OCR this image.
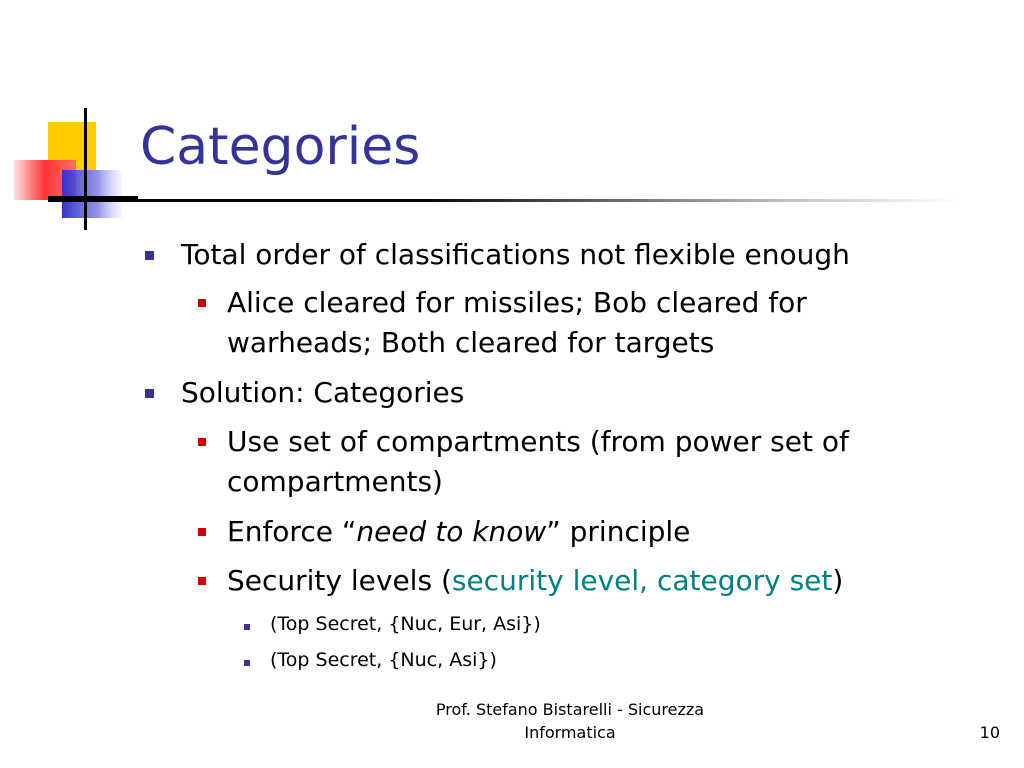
Categories
Total order of classifications not flexible enough
Alice cleared for missiles; Bob cleared for
warheads; Both cleared for targets
Solution: Categories
Use set of compartments (from power set of
compartments)
Enforce “need to know” principle
Security levels (security level, category set)
(Top Secret, {Nuc, Eur, Asi})
(Top Secret, {Nuc, Asi})
Prof. Stefano Bistarelli - Sicurezza
Informatica	10
